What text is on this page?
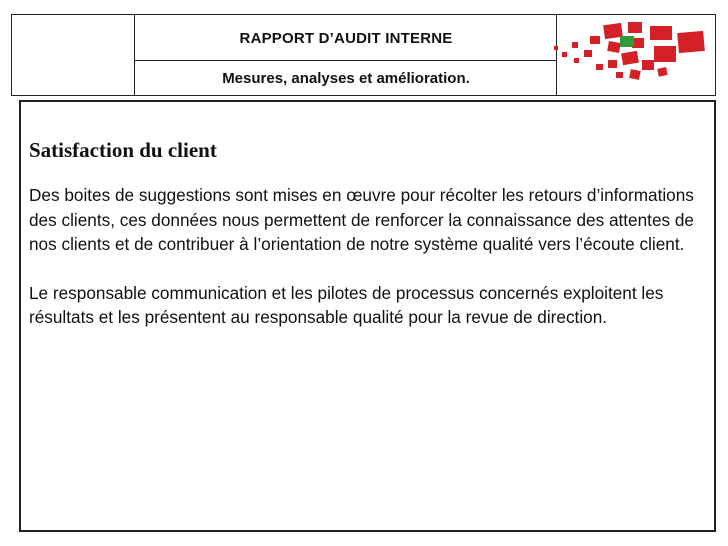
RAPPORT D’AUDIT INTERNE
Mesures, analyses et amélioration.
Satisfaction du client

Des boites de suggestions sont mises en œuvre pour récolter les retours d’informations des clients, ces données nous permettent de renforcer la connaissance des attentes de nos clients et de contribuer à l’orientation de notre système qualité vers l’écoute client.

Le responsable communication et les pilotes de processus concernés exploitent les résultats et les présentent au responsable qualité pour la revue de direction.
